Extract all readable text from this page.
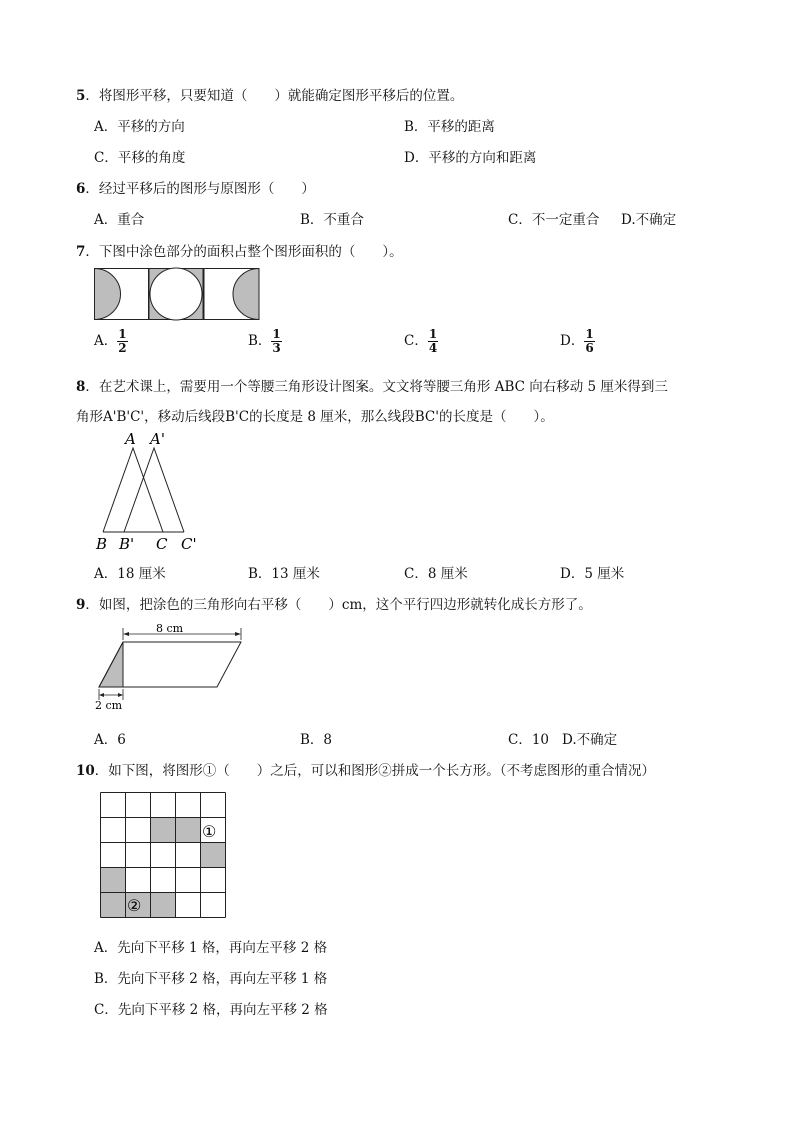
5．将图形平移，只要知道（　　）就能确定图形平移后的位置。
A．平移的方向	B．平移的距离
C．平移的角度	D．平移的方向和距离
6．经过平移后的图形与原图形（　　）
A．重合	B．不重合	C．不一定重合 D.不确定
7．下图中涂色部分的面积占整个图形面积的（　　）。
A． $\frac{1}{2}$	B． $\frac{1}{3}$	C． $\frac{1}{4}$	D． $\frac{1}{6}$
8．在艺术课上，需要用一个等腰三角形设计图案。文文将等腰三角形 ABC 向右移动 5 厘米得到三
角形A'B'C'，移动后线段B'C的长度是 8 厘米，那么线段BC'的长度是（　　）。
A A'
B B' C C'
A．18 厘米	B．13 厘米	C．8 厘米	D．5 厘米
9．如图，把涂色的三角形向右平移（　　）cm，这个平行四边形就转化成长方形了。
8 cm
2 cm
A．6	B．8	C．10 D.不确定
10．如下图，将图形①（　　）之后，可以和图形②拼成一个长方形。（不考虑图形的重合情况）
①
②
A．先向下平移 1 格，再向左平移 2 格
B．先向下平移 2 格，再向左平移 1 格
C．先向下平移 2 格，再向左平移 2 格
